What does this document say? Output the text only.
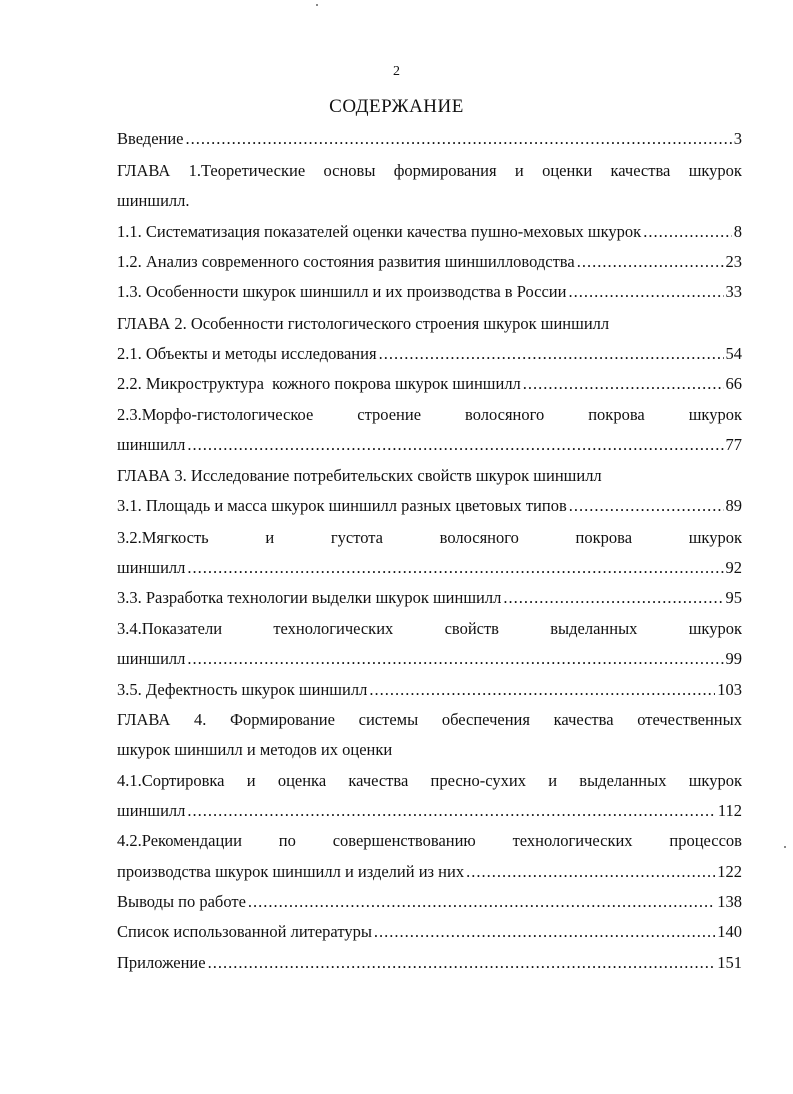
2
СОДЕРЖАНИЕ
Введение .....	3
ГЛАВА 1.Теоретические основы формирования и оценки качества шкурок
шиншилл.
1.1. Систематизация показателей оценки качества пушно-меховых шкурок .....	8
1.2. Анализ современного состояния развития шиншилловодства .....	23
1.3. Особенности шкурок шиншилл и их производства в России .....	33
ГЛАВА 2. Особенности гистологического строения шкурок шиншилл
2.1. Объекты и методы исследования .....	54
2.2. Микроструктура  кожного покрова шкурок шиншилл .....	66
2.3.Морфо-гистологическое	строение	волосяного	покрова	шкурок
шиншилл .....	77
ГЛАВА 3. Исследование потребительских свойств шкурок шиншилл
3.1. Площадь и масса шкурок шиншилл разных цветовых типов .....	89
3.2.Мягкость	и	густота	волосяного	покрова	шкурок
шиншилл .....	92
3.3. Разработка технологии выделки шкурок шиншилл .....	95
3.4.Показатели	технологических	свойств	выделанных	шкурок
шиншилл .....	99
3.5. Дефектность шкурок шиншилл .....	103
ГЛАВА 4. Формирование системы обеспечения качества отечественных
шкурок шиншилл и методов их оценки
4.1.Сортировка и оценка качества пресно-сухих и выделанных шкурок
шиншилл .....	112
4.2.Рекомендации по совершенствованию технологических процессов
производства шкурок шиншилл и изделий из них .....	122
Выводы по работе .....	138
Список использованной литературы .....	140
Приложение .....	151
